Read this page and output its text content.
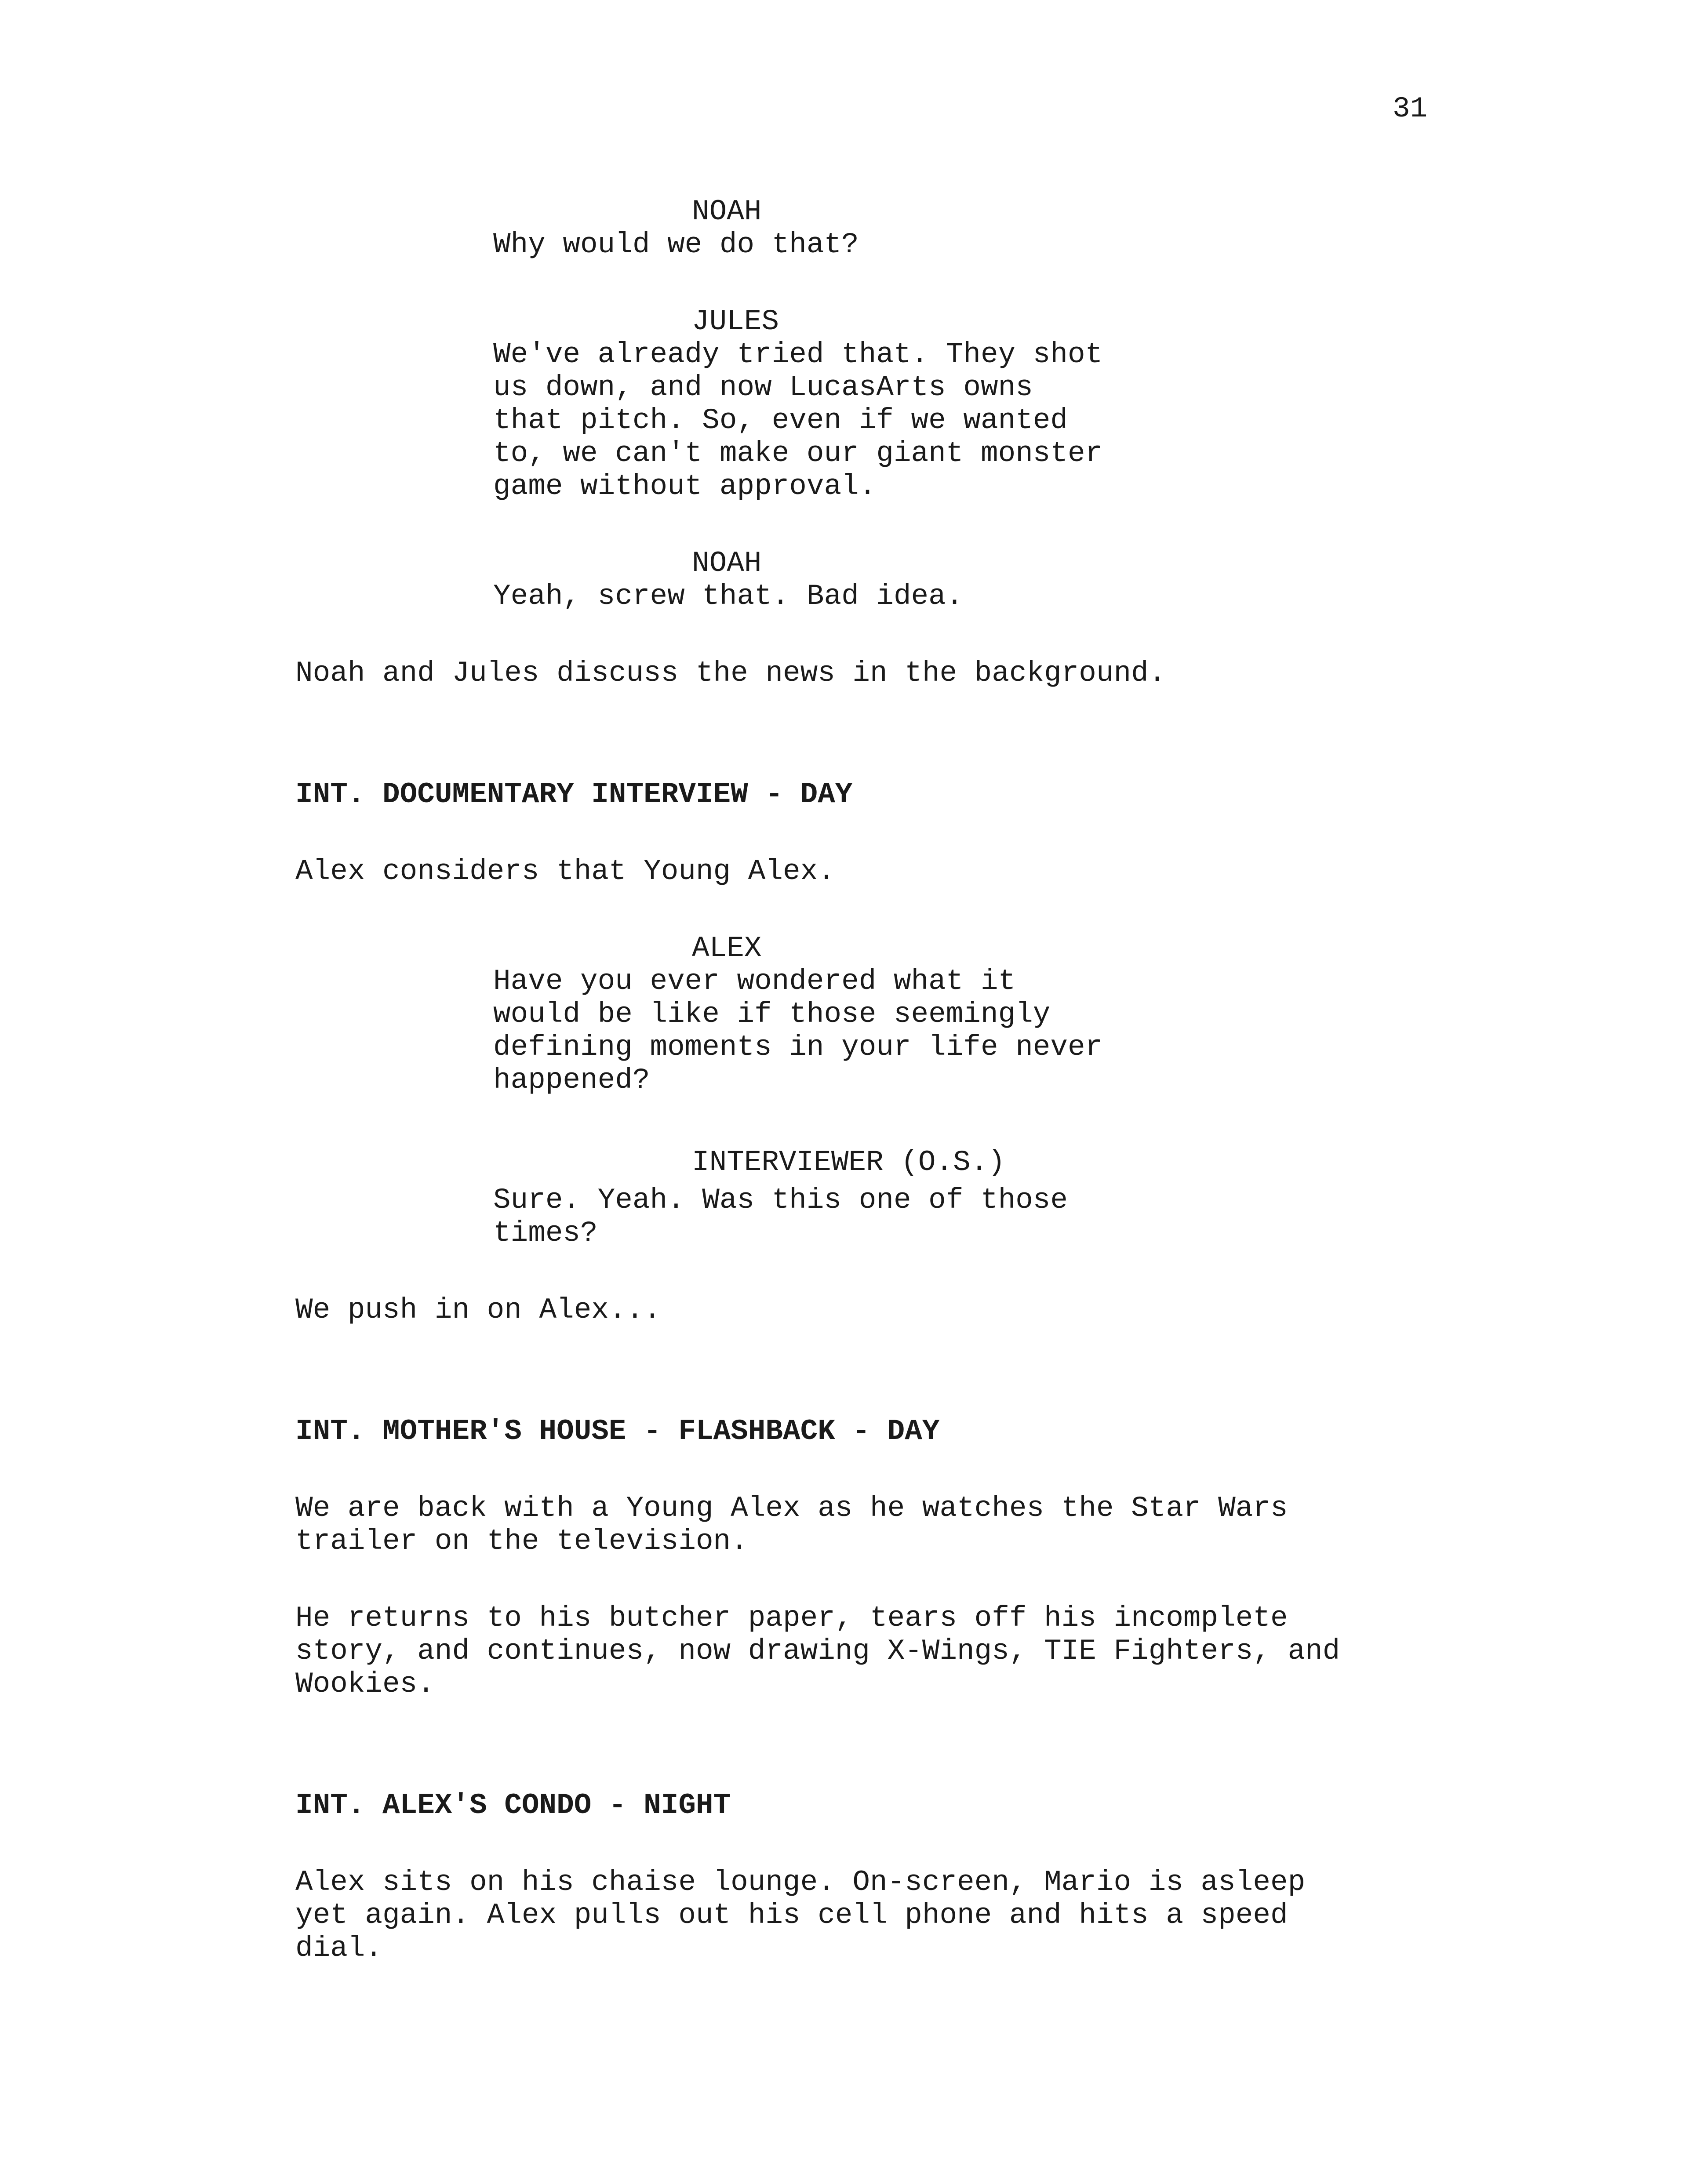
31
NOAH
Why would we do that?
JULES
We've already tried that. They shot
us down, and now LucasArts owns
that pitch. So, even if we wanted
to, we can't make our giant monster
game without approval.
NOAH
Yeah, screw that. Bad idea.
Noah and Jules discuss the news in the background.
INT. DOCUMENTARY INTERVIEW - DAY
Alex considers that Young Alex.
ALEX
Have you ever wondered what it
would be like if those seemingly
defining moments in your life never
happened?
INTERVIEWER (O.S.)
Sure. Yeah. Was this one of those
times?
We push in on Alex...
INT. MOTHER'S HOUSE - FLASHBACK - DAY
We are back with a Young Alex as he watches the Star Wars
trailer on the television.
He returns to his butcher paper, tears off his incomplete
story, and continues, now drawing X-Wings, TIE Fighters, and
Wookies.
INT. ALEX'S CONDO - NIGHT
Alex sits on his chaise lounge. On-screen, Mario is asleep
yet again. Alex pulls out his cell phone and hits a speed
dial.
